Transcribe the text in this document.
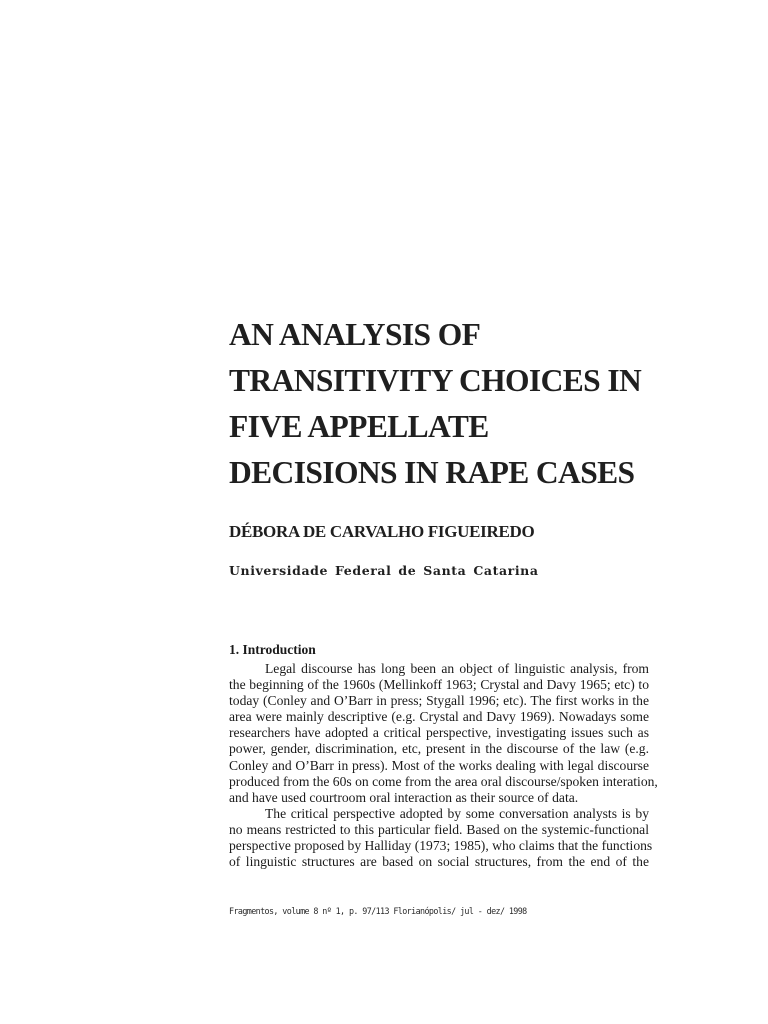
AN ANALYSIS OF
TRANSITIVITY CHOICES IN
FIVE APPELLATE
DECISIONS IN RAPE CASES
DÉBORA DE CARVALHO FIGUEIREDO
Universidade Federal de Santa Catarina
1. Introduction
Legal discourse has long been an object of linguistic analysis, from
the beginning of the 1960s (Mellinkoff 1963; Crystal and Davy 1965; etc) to
today (Conley and O’Barr in press; Stygall 1996; etc). The first works in the
area were mainly descriptive (e.g. Crystal and Davy 1969). Nowadays some
researchers have adopted a critical perspective, investigating issues such as
power, gender, discrimination, etc, present in the discourse of the law (e.g.
Conley and O’Barr in press). Most of the works dealing with legal discourse
produced from the 60s on come from the area oral discourse/spoken interation,
and have used courtroom oral interaction as their source of data.
The critical perspective adopted by some conversation analysts is by
no means restricted to this particular field. Based on the systemic-functional
perspective proposed by Halliday (1973; 1985), who claims that the functions
of linguistic structures are based on social structures, from the end of the
Fragmentos, volume 8 nº 1, p. 97/113 Florianópolis/ jul - dez/ 1998
